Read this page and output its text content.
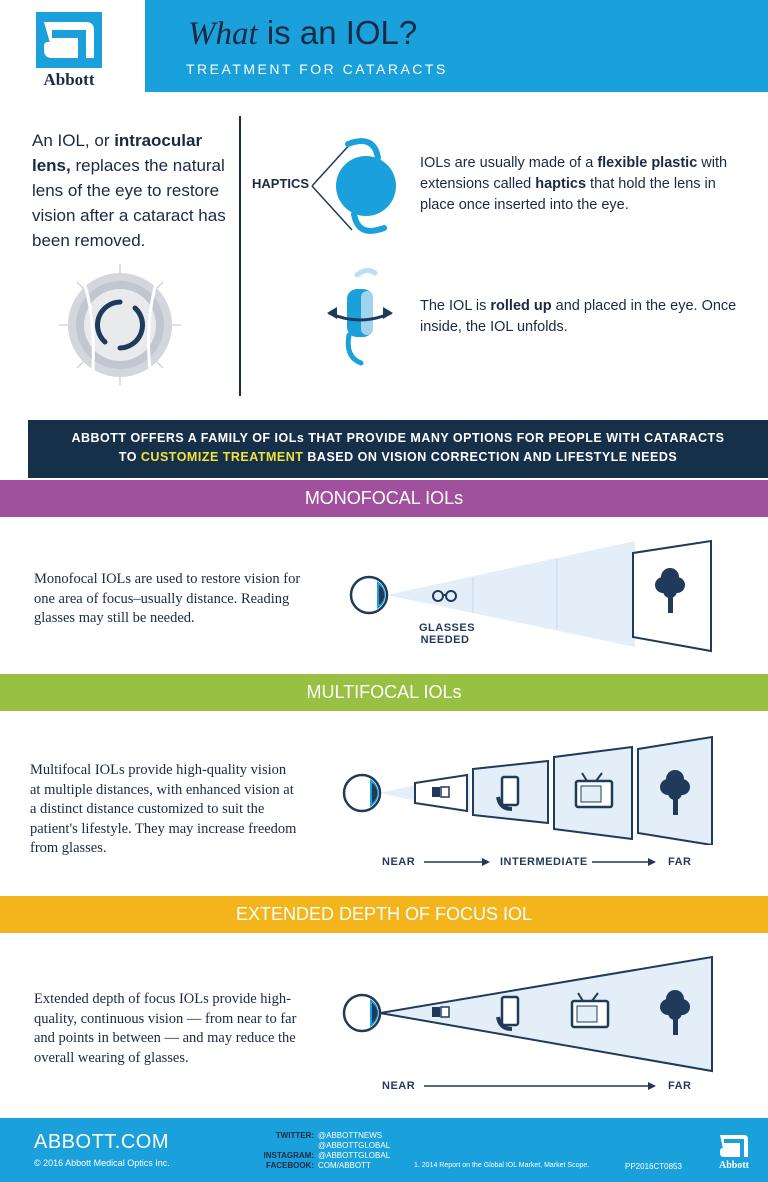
Abbott
What is an IOL?
TREATMENT FOR CATARACTS
An IOL, or intraocular lens, replaces the natural lens of the eye to restore vision after a cataract has been removed.
HAPTICS
IOLs are usually made of a flexible plastic with extensions called haptics that hold the lens in place once inserted into the eye.
The IOL is rolled up and placed in the eye. Once inside, the IOL unfolds.
ABBOTT OFFERS A FAMILY OF IOLs THAT PROVIDE MANY OPTIONS FOR PEOPLE WITH CATARACTS
TO CUSTOMIZE TREATMENT BASED ON VISION CORRECTION AND LIFESTYLE NEEDS
MONOFOCAL IOLs
Monofocal IOLs are used to restore vision for one area of focus–usually distance. Reading glasses may still be needed.
GLASSES
NEEDED
MULTIFOCAL IOLs
Multifocal IOLs provide high-quality vision at multiple distances, with enhanced vision at a distinct distance customized to suit the patient's lifestyle. They may increase freedom from glasses.
NEAR	INTERMEDIATE	FAR
EXTENDED DEPTH OF FOCUS IOL
Extended depth of focus IOLs provide high-quality, continuous vision — from near to far and points in between — and may reduce the overall wearing of glasses.
NEAR	FAR
ABBOTT.COM
© 2016 Abbott Medical Optics Inc.
TWITTER: @ABBOTTNEWS
@ABBOTTGLOBAL
INSTAGRAM: @ABBOTTGLOBAL
FACEBOOK: COM/ABBOTT	1. 2014 Report on the Global IOL Market, Market Scope.	PP2016CT0853	Abbott
